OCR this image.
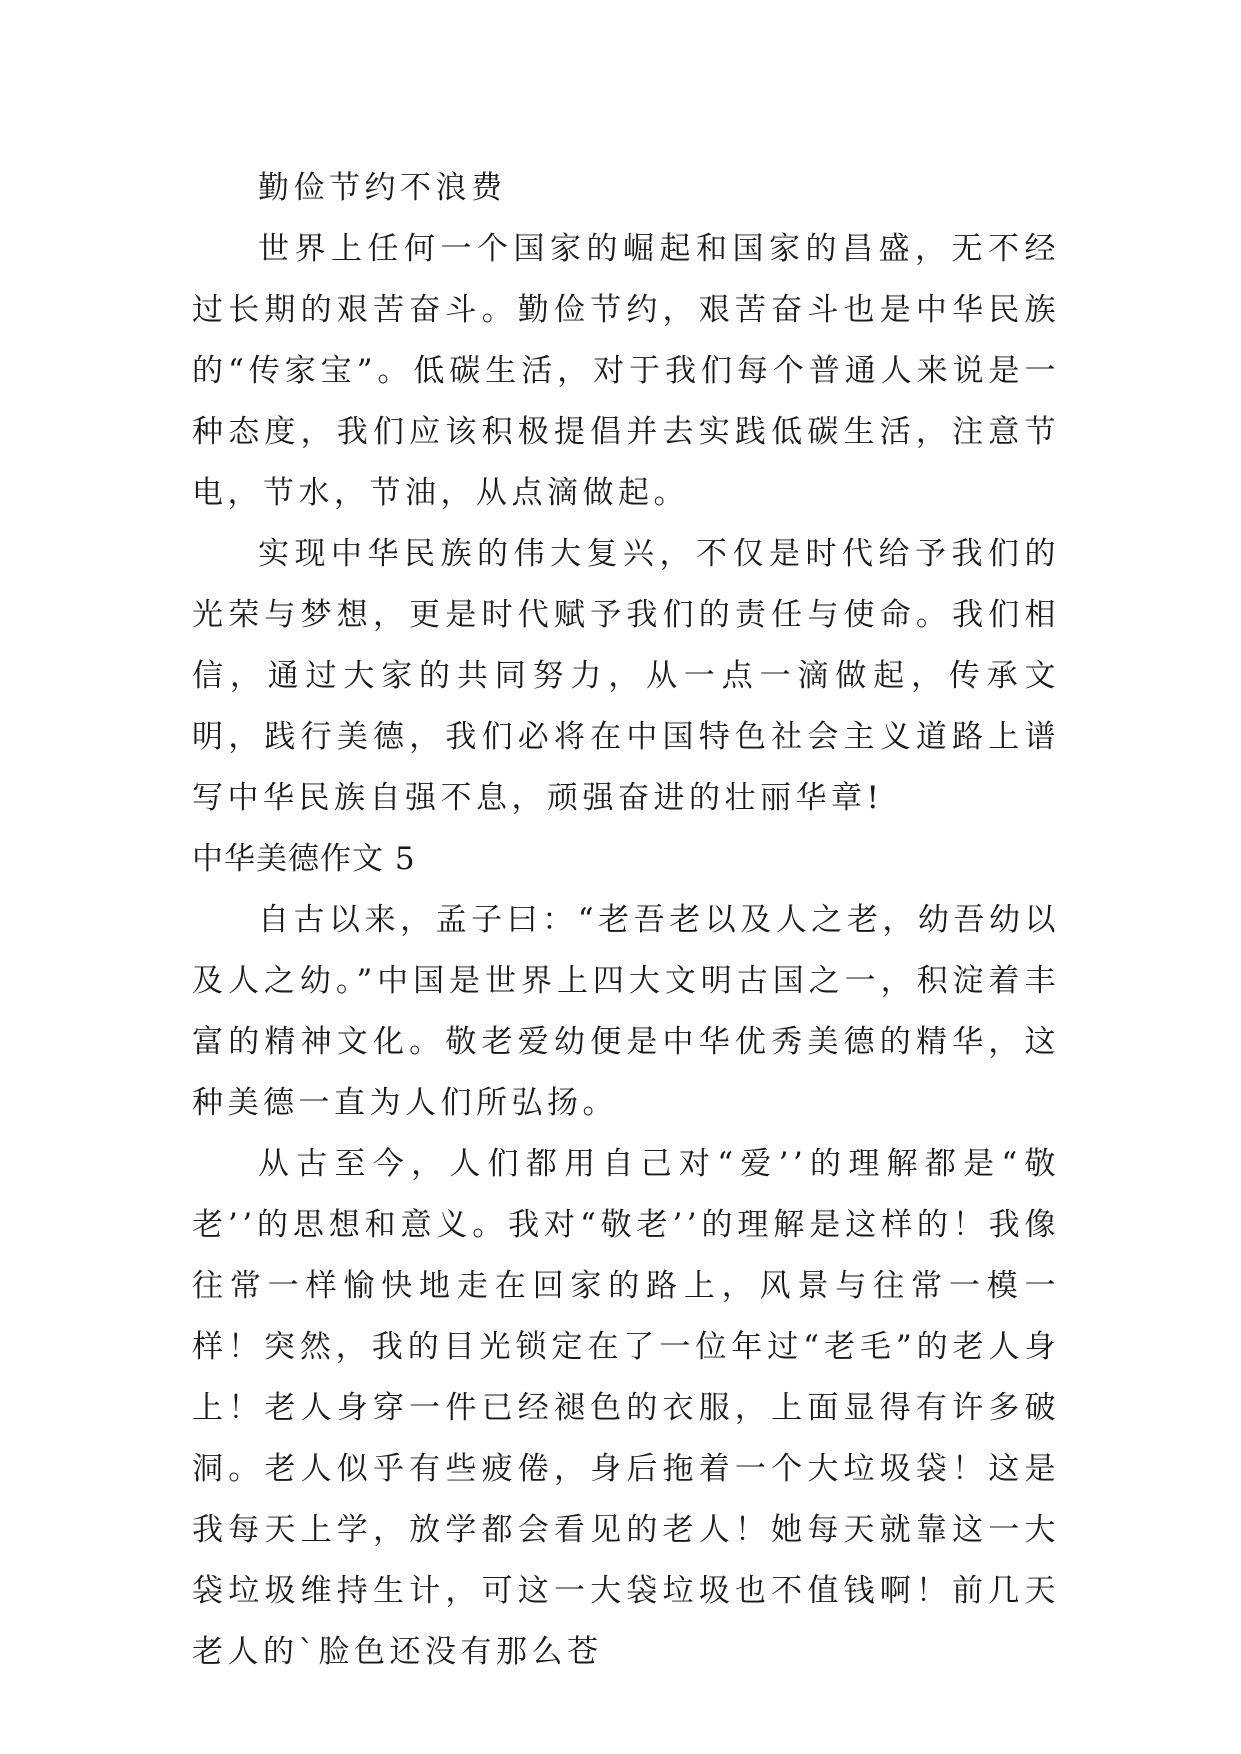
勤俭节约不浪费

世界上任何一个国家的崛起和国家的昌盛，无不经过长期的艰苦奋斗。勤俭节约，艰苦奋斗也是中华民族的“传家宝”。低碳生活，对于我们每个普通人来说是一种态度，我们应该积极提倡并去实践低碳生活，注意节电，节水，节油，从点滴做起。

实现中华民族的伟大复兴，不仅是时代给予我们的光荣与梦想，更是时代赋予我们的责任与使命。我们相信，通过大家的共同努力，从一点一滴做起，传承文明，践行美德，我们必将在中国特色社会主义道路上谱写中华民族自强不息，顽强奋进的壮丽华章!

中华美德作文 5

自古以来，孟子曰：“老吾老以及人之老，幼吾幼以及人之幼。”中国是世界上四大文明古国之一，积淀着丰富的精神文化。敬老爱幼便是中华优秀美德的精华，这种美德一直为人们所弘扬。

从古至今，人们都用自己对“爱’’的理解都是“敬老’’的思想和意义。我对“敬老’’的理解是这样的！我像往常一样愉快地走在回家的路上，风景与往常一模一样！突然，我的目光锁定在了一位年过“老毛”的老人身上！老人身穿一件已经褪色的衣服，上面显得有许多破洞。老人似乎有些疲倦，身后拖着一个大垃圾袋！这是我每天上学，放学都会看见的老人！她每天就靠这一大袋垃圾维持生计，可这一大袋垃圾也不值钱啊！前几天老人的`脸色还没有那么苍
